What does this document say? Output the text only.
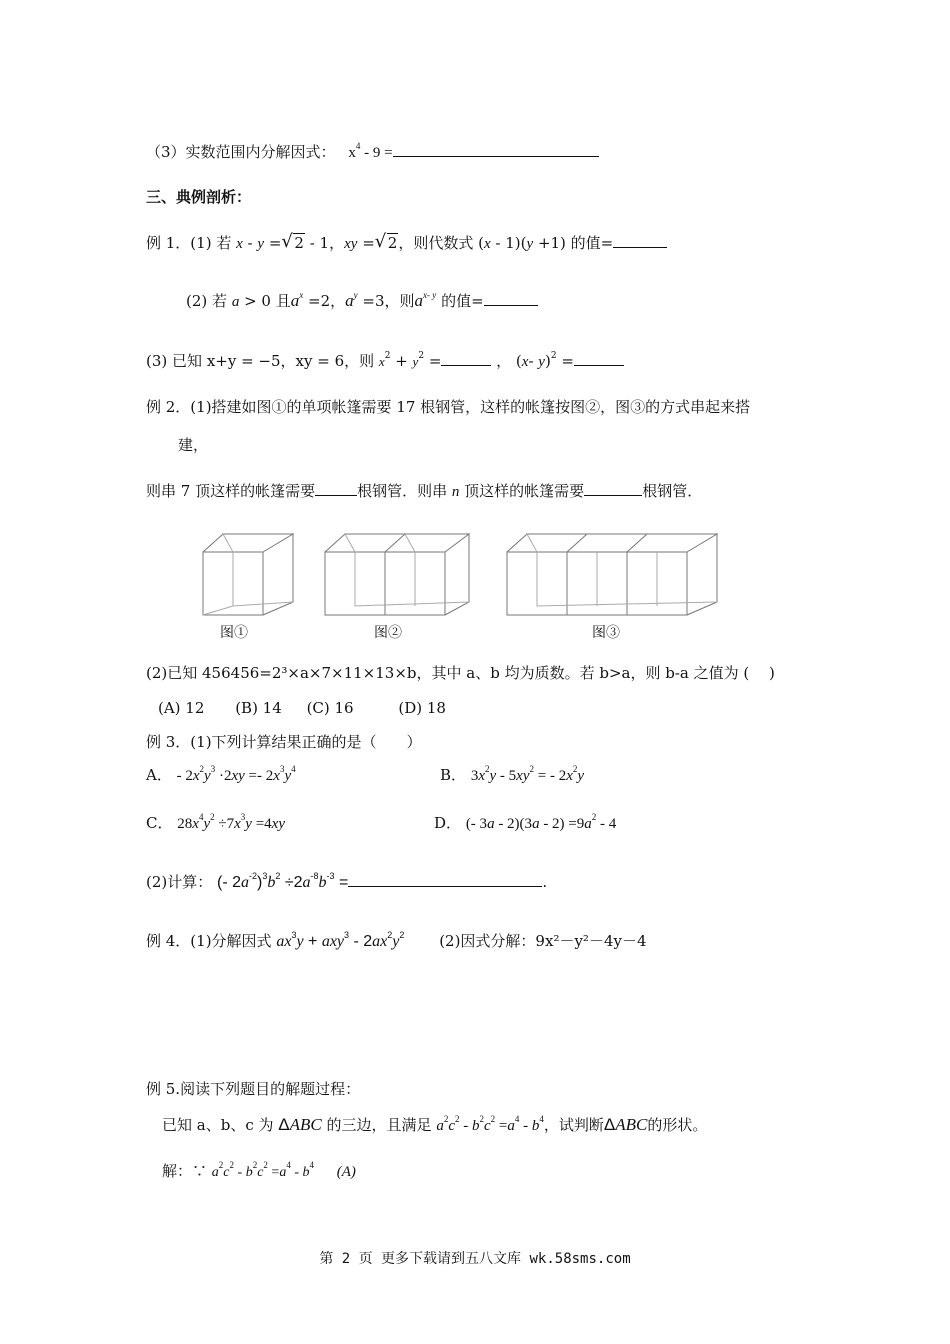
（3）实数范围内分解因式： $x^4 - 9$ =
三、典例剖析：
例 1．(1) 若 x - y = √ 2 - 1，xy = √ 2，则代数式 (x - 1)(y +1) 的值=
(2) 若 a > 0 且$a^x =2$，$a^y =3$，则$a^{x- y}$ 的值=
(3) 已知 x+y = −5，xy = 6，则 $x^2 + y^2$ =	， (x- y)$^2$ =
例 2．(1)搭建如图①的单项帐篷需要 17 根钢管，这样的帐篷按图②，图③的方式串起来搭
建，
则串 7 顶这样的帐篷需要	根钢管．则串 n 顶这样的帐篷需要	根钢管．
图①	图②	图③
(2)已知 456456=2³×a×7×11×13×b，其中 a、b 均为质数。若 b>a，则 b-a 之值为 (　 )
(A) 12 (B) 14 (C) 16	(D) 18
例 3．(1)下列计算结果正确的是（　　）
A． - $2x^2y^3 \cdot 2xy =- 2x^3y^4$	B． $3x^2y - 5xy^2$ = - $2x^2y$
C． $28x^4y^2 \div 7x^3y =4xy$	D． (- $3a - 2)(3a - 2) =9a^2 - 4$
(2)计算： (- $2a^{-2})^3b^2 \div 2a^{-8}b^{-3}$ =	.
例 4．(1)分解因式 $ax^3y + axy^3 - 2ax^2y^2$ (2)因式分解：9x²－y²－4y－4
例 5.阅读下列题目的解题过程：
已知 a、b、c 为 ΔABC 的三边，且满足 $a^2c^2 - b^2c^2 =a^4 - b^4$，试判断ΔABC的形状。
解：∵ $a^2c^2 - b^2c^2 =a^4 - b^4$ (A)
第 2 页 更多下载请到五八文库 wk.58sms.com
